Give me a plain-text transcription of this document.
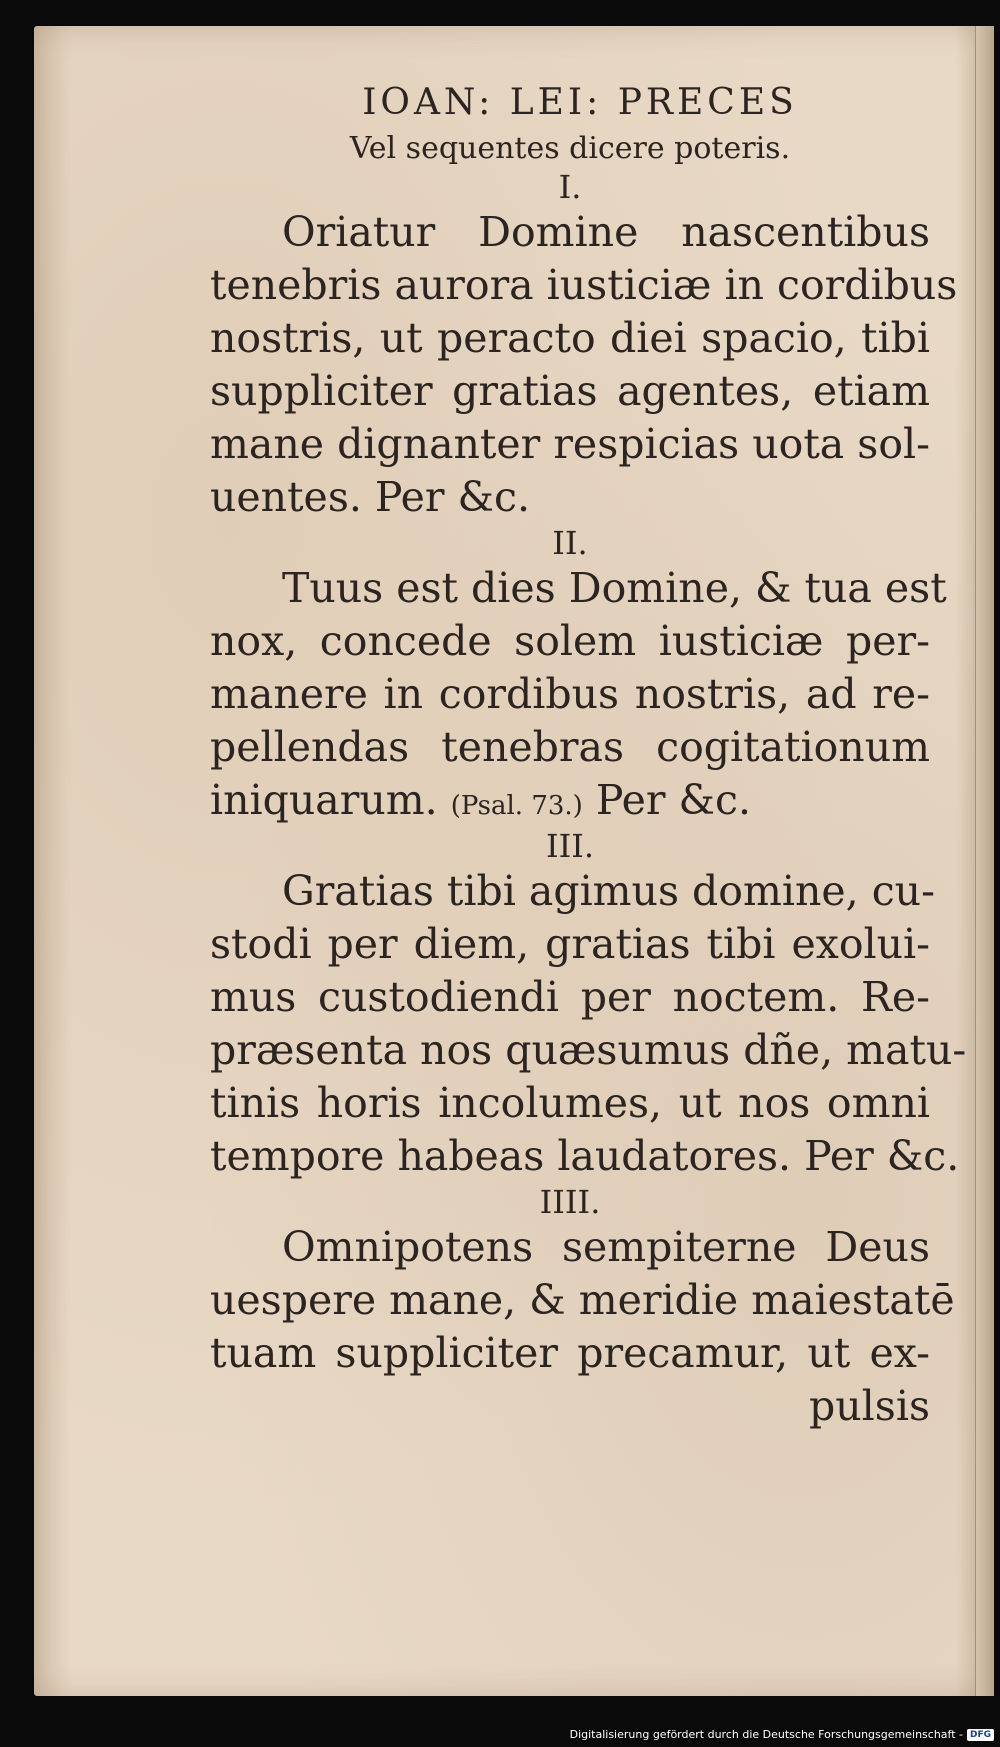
IOAN: LEI: PRECES
Vel sequentes dicere poteris.
I.
Oriatur Domine nascentibus
tenebris aurora iusticiæ in cordibus
nostris, ut peracto diei spacio, tibi
suppliciter gratias agentes, etiam
mane dignanter respicias uota sol-
uentes. Per &c.
II.
Tuus est dies Domine, & tua est
nox, concede solem iusticiæ per-
manere in cordibus nostris, ad re-
pellendas tenebras cogitationum
iniquarum. (Psal. 73.) Per &c.
III.
Gratias tibi agimus domine, cu-
stodi per diem, gratias tibi exolui-
mus custodiendi per noctem. Re-
præsenta nos quæsumus dñe, matu-
tinis horis incolumes, ut nos omni
tempore habeas laudatores. Per &c.
IIII.
Omnipotens sempiterne Deus
uespere mane, & meridie maiestatē
tuam suppliciter precamur, ut ex-
pulsis
Digitalisierung gefördert durch die Deutsche Forschungsgemeinschaft - DFG
